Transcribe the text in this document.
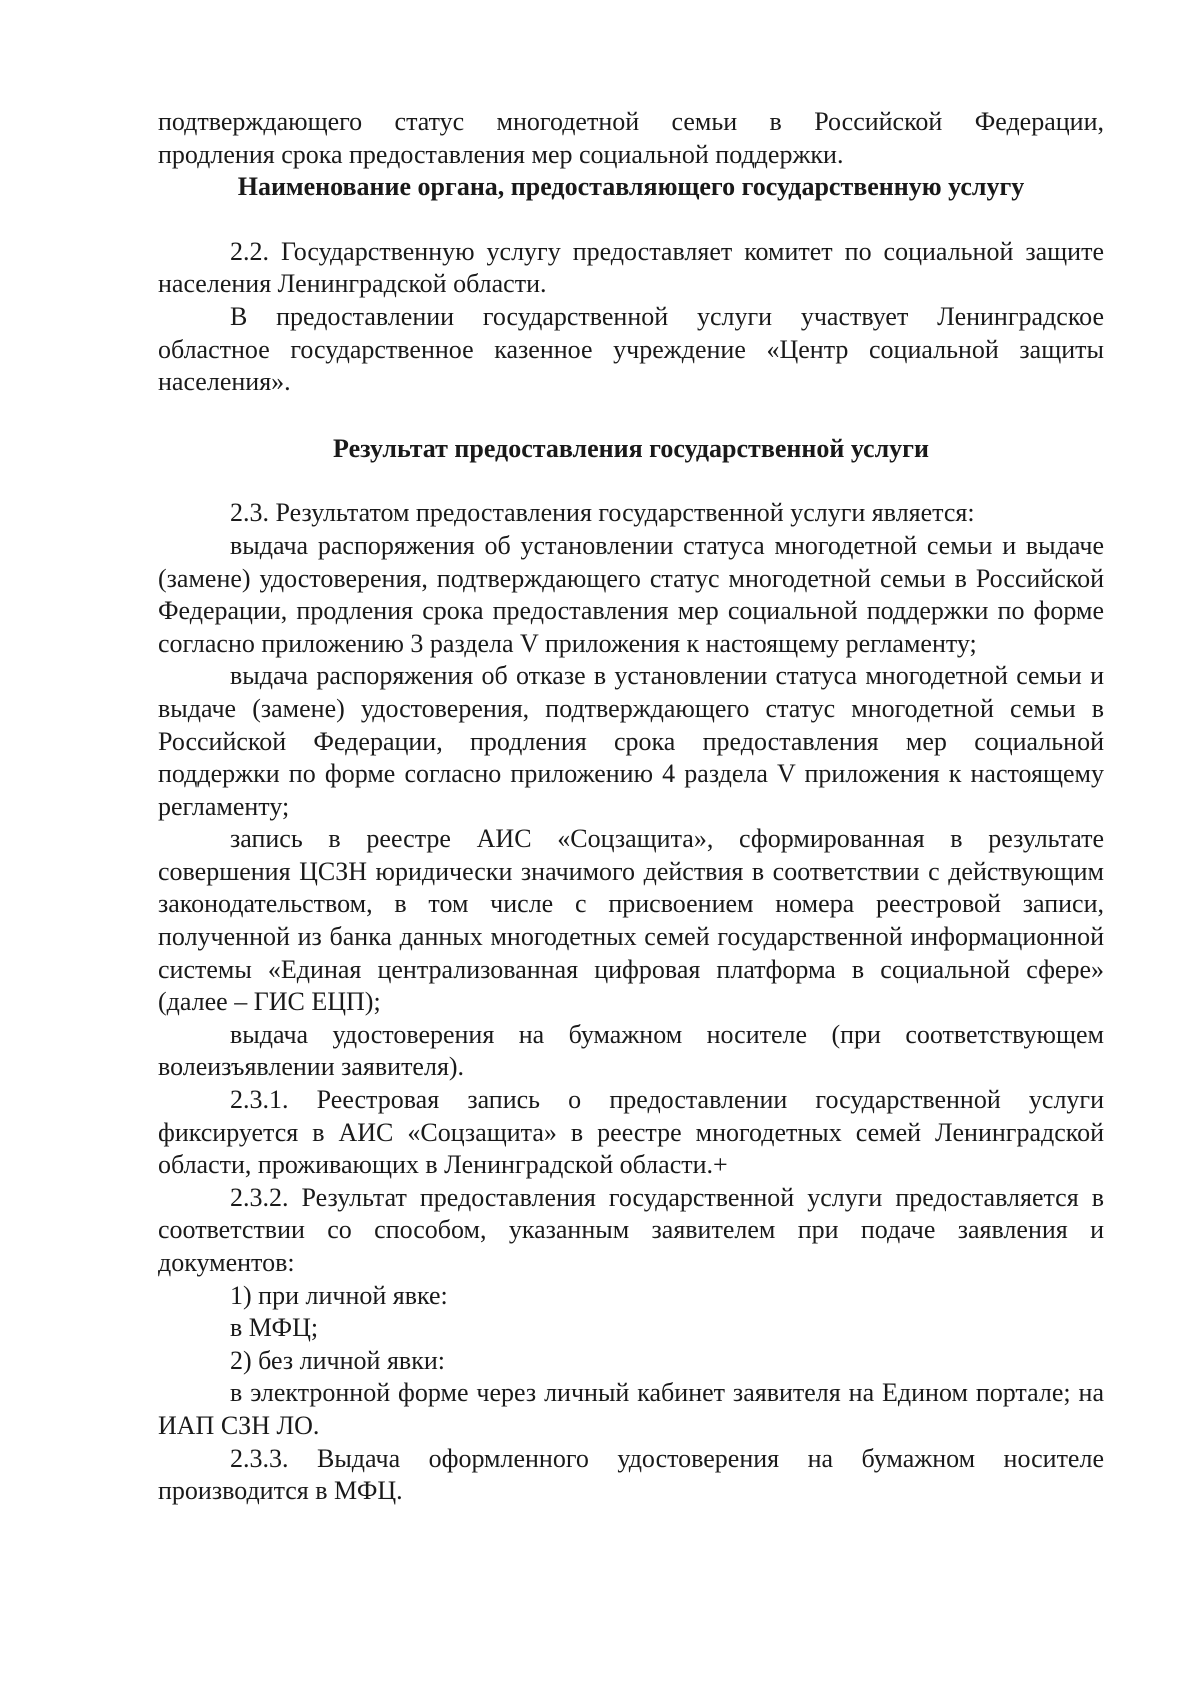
подтверждающего статус многодетной семьи в Российской Федерации,

продления срока предоставления мер социальной поддержки.

Наименование органа, предоставляющего государственную услугу

2.2. Государственную услугу предоставляет комитет по социальной защите населения Ленинградской области.

В предоставлении государственной услуги участвует Ленинградское областное государственное казенное учреждение «Центр социальной защиты населения».

Результат предоставления государственной услуги

2.3. Результатом предоставления государственной услуги является:

выдача распоряжения об установлении статуса многодетной семьи и выдаче (замене) удостоверения, подтверждающего статус многодетной семьи в Российской Федерации, продления срока предоставления мер социальной поддержки по форме согласно приложению 3 раздела V приложения к настоящему регламенту;

выдача распоряжения об отказе в установлении статуса многодетной семьи и выдаче (замене) удостоверения, подтверждающего статус многодетной семьи в Российской Федерации, продления срока предоставления мер социальной поддержки по форме согласно приложению 4 раздела V приложения к настоящему регламенту;

запись в реестре АИС «Соцзащита», сформированная в результате совершения ЦСЗН юридически значимого действия в соответствии с действующим законодательством, в том числе с присвоением номера реестровой записи, полученной из банка данных многодетных семей государственной информационной системы «Единая централизованная цифровая платформа в социальной сфере» (далее – ГИС ЕЦП);

выдача удостоверения на бумажном носителе (при соответствующем волеизъявлении заявителя).

2.3.1. Реестровая запись о предоставлении государственной услуги фиксируется в АИС «Соцзащита» в реестре многодетных семей Ленинградской области, проживающих в Ленинградской области.+

2.3.2. Результат предоставления государственной услуги предоставляется в соответствии со способом, указанным заявителем при подаче заявления и документов:

1) при личной явке:

в МФЦ;

2) без личной явки:

в электронной форме через личный кабинет заявителя на Едином портале; на ИАП СЗН ЛО.

2.3.3. Выдача оформленного удостоверения на бумажном носителе производится в МФЦ.
